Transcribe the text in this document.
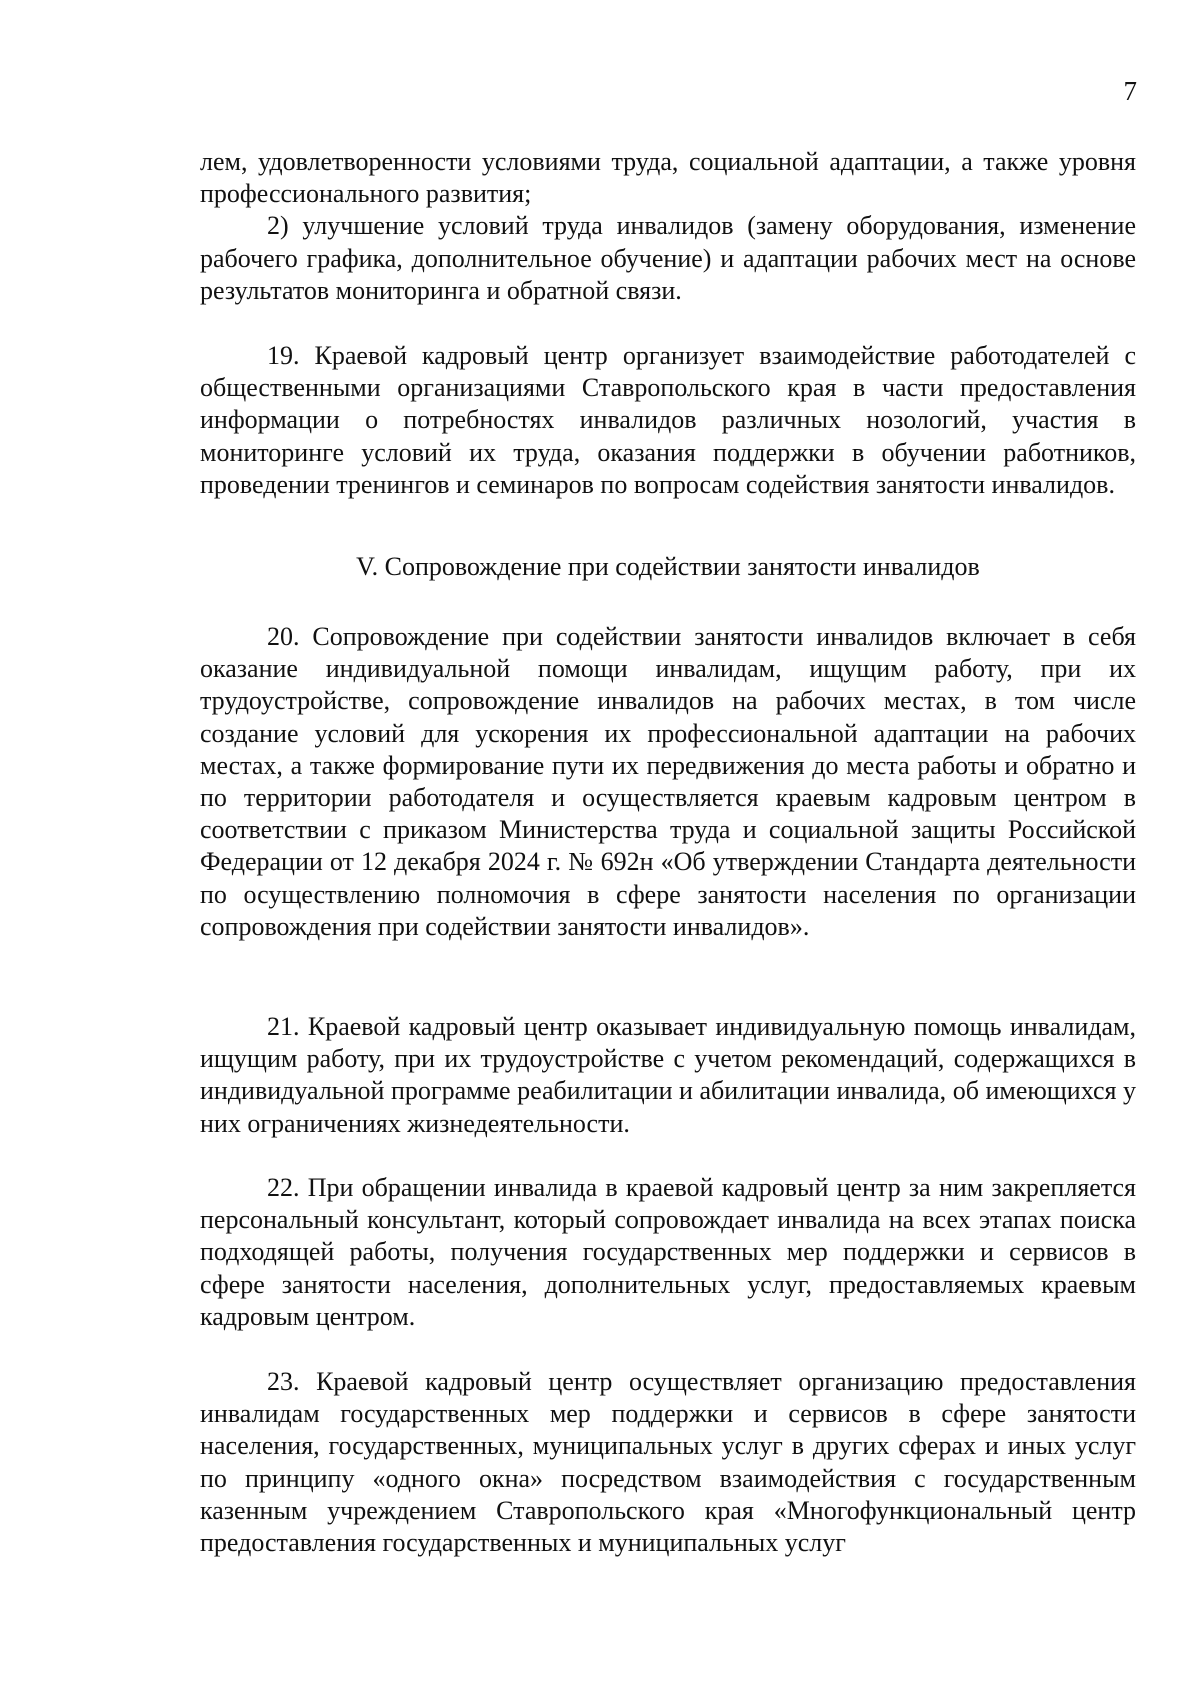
7

лем, удовлетворенности условиями труда, социальной адаптации, а также уровня профессионального развития;

2) улучшение условий труда инвалидов (замену оборудования, изменение рабочего графика, дополнительное обучение) и адаптации рабочих мест на основе результатов мониторинга и обратной связи.

19. Краевой кадровый центр организует взаимодействие работодателей с общественными организациями Ставропольского края в части предоставления информации о потребностях инвалидов различных нозологий, участия в мониторинге условий их труда, оказания поддержки в обучении работников, проведении тренингов и семинаров по вопросам содействия занятости инвалидов.

V. Сопровождение при содействии занятости инвалидов

20. Сопровождение при содействии занятости инвалидов включает в себя оказание индивидуальной помощи инвалидам, ищущим работу, при их трудоустройстве, сопровождение инвалидов на рабочих местах, в том числе создание условий для ускорения их профессиональной адаптации на рабочих местах, а также формирование пути их передвижения до места работы и обратно и по территории работодателя и осуществляется краевым кадровым центром в соответствии с приказом Министерства труда и социальной защиты Российской Федерации от 12 декабря 2024 г. № 692н «Об утверждении Стандарта деятельности по осуществлению полномочия в сфере занятости населения по организации сопровождения при содействии занятости инвалидов».

21. Краевой кадровый центр оказывает индивидуальную помощь инвалидам, ищущим работу, при их трудоустройстве с учетом рекомендаций, содержащихся в индивидуальной программе реабилитации и абилитации инвалида, об имеющихся у них ограничениях жизнедеятельности.

22. При обращении инвалида в краевой кадровый центр за ним закрепляется персональный консультант, который сопровождает инвалида на всех этапах поиска подходящей работы, получения государственных мер поддержки и сервисов в сфере занятости населения, дополнительных услуг, предоставляемых краевым кадровым центром.

23. Краевой кадровый центр осуществляет организацию предоставления инвалидам государственных мер поддержки и сервисов в сфере занятости населения, государственных, муниципальных услуг в других сферах и иных услуг по принципу «одного окна» посредством взаимодействия с государственным казенным учреждением Ставропольского края «Многофункциональный центр предоставления государственных и муниципальных услуг
